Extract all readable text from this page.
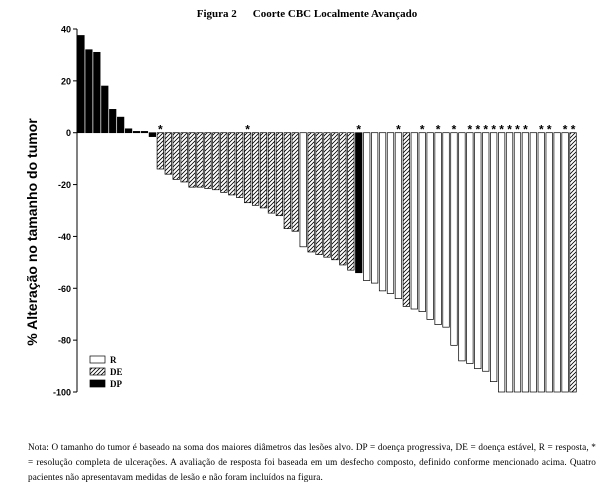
Figura 2 Coorte CBC Localmente Avançado
% Alteração no tamanho do tumor
40
20
0
-20
-40
-60
-80
-100
*	*	*	* * * * * * * * * * * * * * * *
R
DE
DP
Nota: O tamanho do tumor é baseado na soma dos maiores diâmetros das lesões alvo. DP = doença progressiva, DE = doença estável, R = resposta, * = resolução completa de ulcerações. A avaliação de resposta foi baseada em um desfecho composto, definido conforme mencionado acima. Quatro pacientes não apresentavam medidas de lesão e não foram incluídos na figura.
